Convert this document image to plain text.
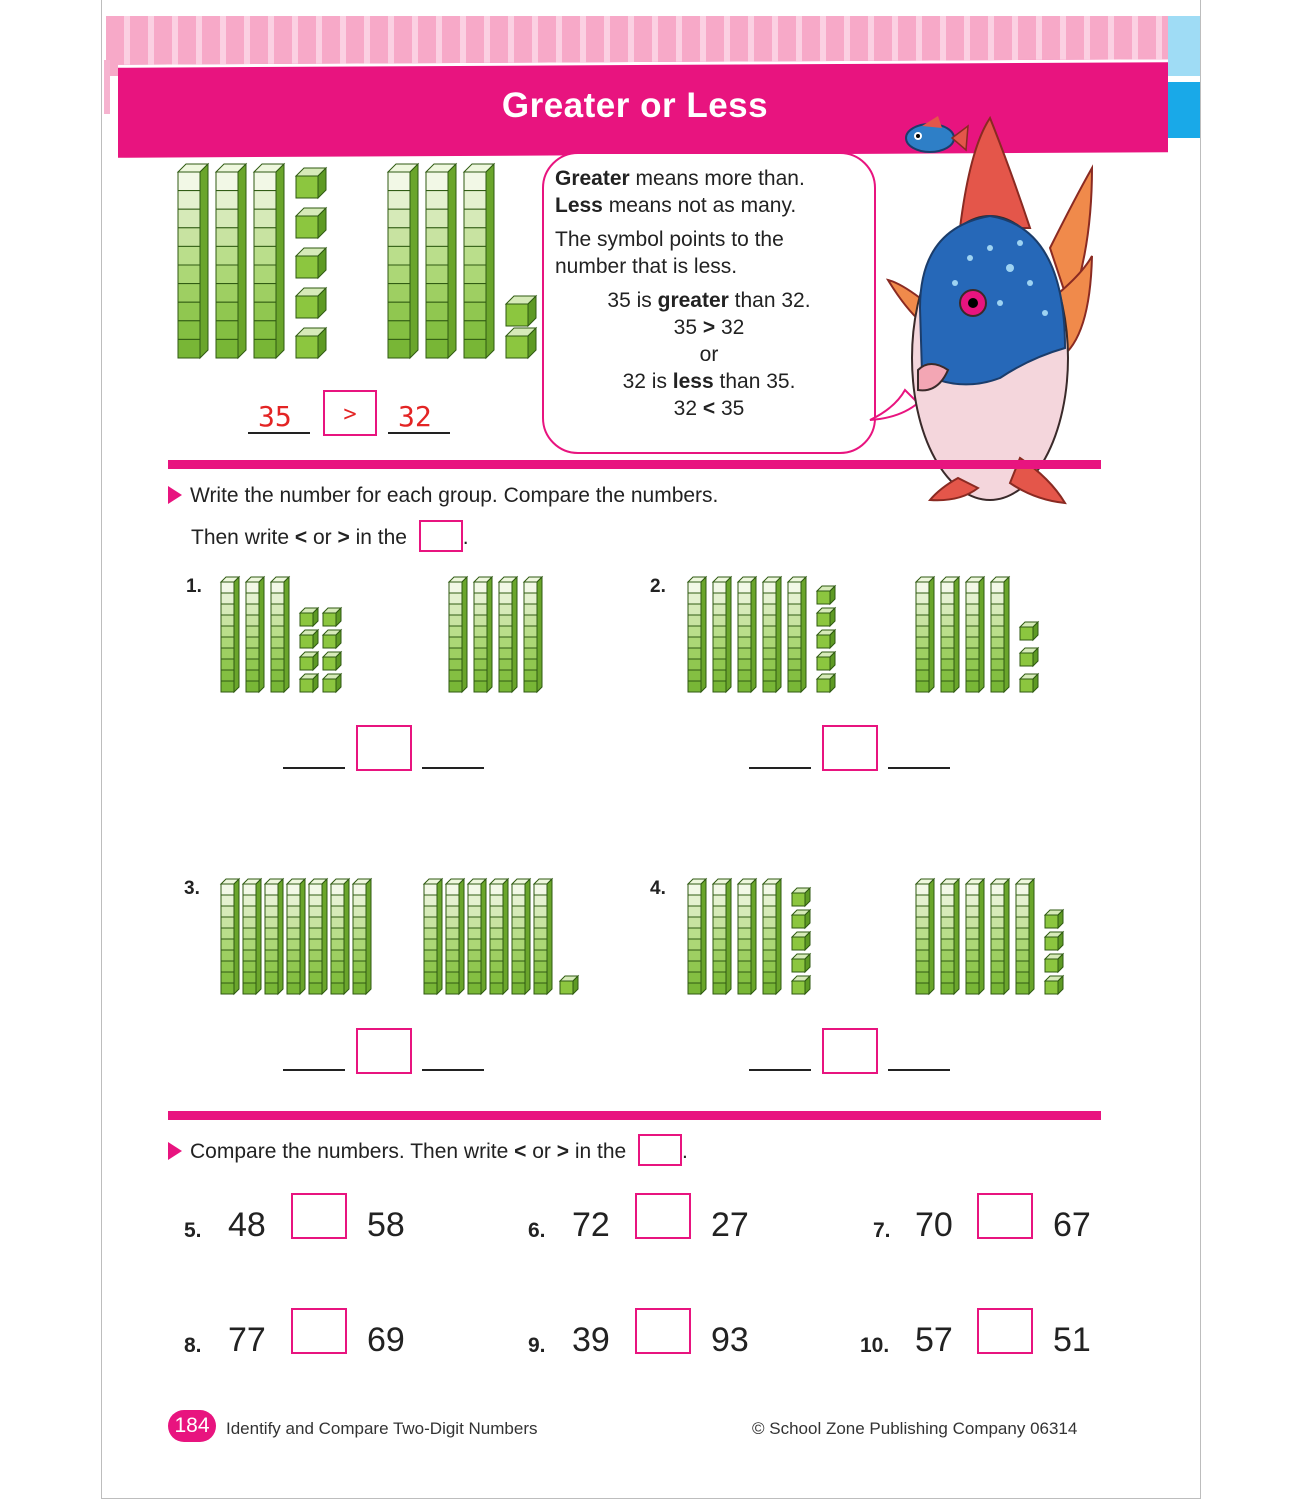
Greater or Less
35	>	32

Greater means more than.

Less means not as many.

The symbol points to the

number that is less.

35 is greater than 32.

35 > 32

or

32 is less than 35.

32 < 35

Write the number for each group. Compare the numbers.
Then write < or > in the .
1.	2.
3.	4.
Compare the numbers. Then write < or > in the .
5. 48	58	6. 72	27	7. 70	67
8. 77	69	9. 39	93	10. 57	51
184 Identify and Compare Two-Digit Numbers	© School Zone Publishing Company 06314
